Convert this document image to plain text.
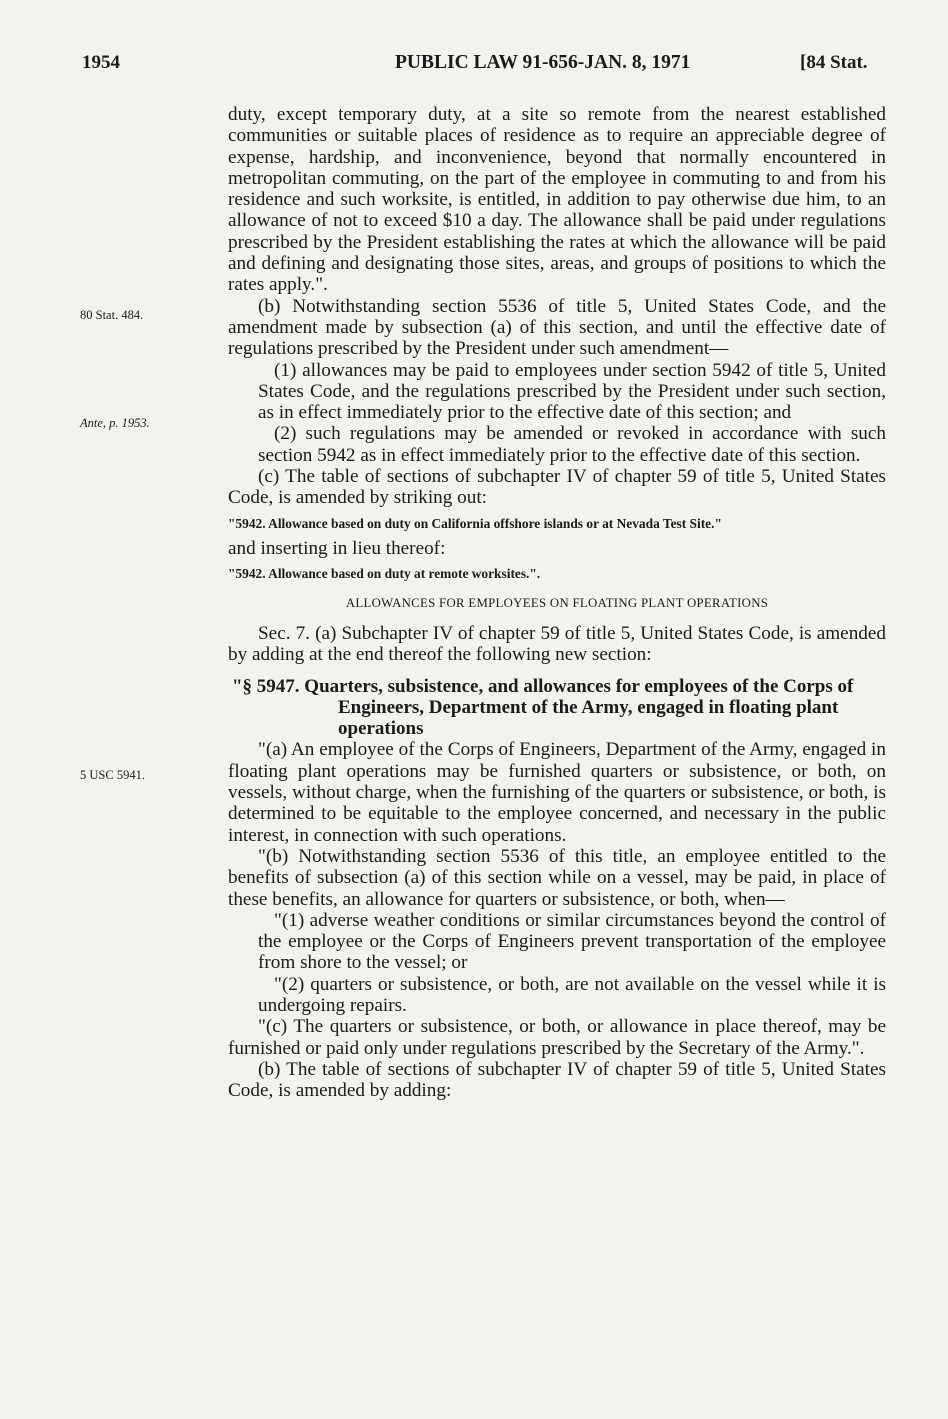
1954	PUBLIC LAW 91-656-JAN. 8, 1971	[84 Stat.
80 Stat. 484.
Ante, p. 1953.
5 USC 5941.

duty, except temporary duty, at a site so remote from the nearest established communities or suitable places of residence as to require an appreciable degree of expense, hardship, and inconvenience, beyond that normally encountered in metropolitan commuting, on the part of the employee in commuting to and from his residence and such worksite, is entitled, in addition to pay otherwise due him, to an allowance of not to exceed $10 a day. The allowance shall be paid under regulations prescribed by the President establishing the rates at which the allowance will be paid and defining and designating those sites, areas, and groups of positions to which the rates apply.".

(b) Notwithstanding section 5536 of title 5, United States Code, and the amendment made by subsection (a) of this section, and until the effective date of regulations prescribed by the President under such amendment—

(1) allowances may be paid to employees under section 5942 of title 5, United States Code, and the regulations prescribed by the President under such section, as in effect immediately prior to the effective date of this section; and

(2) such regulations may be amended or revoked in accordance with such section 5942 as in effect immediately prior to the effective date of this section.

(c) The table of sections of subchapter IV of chapter 59 of title 5, United States Code, is amended by striking out:

"5942. Allowance based on duty on California offshore islands or at Nevada Test Site."

and inserting in lieu thereof:

"5942. Allowance based on duty at remote worksites.".

ALLOWANCES FOR EMPLOYEES ON FLOATING PLANT OPERATIONS

Sec. 7. (a) Subchapter IV of chapter 59 of title 5, United States Code, is amended by adding at the end thereof the following new section:

"§ 5947. Quarters, subsistence, and allowances for employees of the Corps of Engineers, Department of the Army, engaged in floating plant operations

"(a) An employee of the Corps of Engineers, Department of the Army, engaged in floating plant operations may be furnished quarters or subsistence, or both, on vessels, without charge, when the furnishing of the quarters or subsistence, or both, is determined to be equitable to the employee concerned, and necessary in the public interest, in connection with such operations.

"(b) Notwithstanding section 5536 of this title, an employee entitled to the benefits of subsection (a) of this section while on a vessel, may be paid, in place of these benefits, an allowance for quarters or subsistence, or both, when—

"(1) adverse weather conditions or similar circumstances beyond the control of the employee or the Corps of Engineers prevent transportation of the employee from shore to the vessel; or

"(2) quarters or subsistence, or both, are not available on the vessel while it is undergoing repairs.

"(c) The quarters or subsistence, or both, or allowance in place thereof, may be furnished or paid only under regulations prescribed by the Secretary of the Army.".

(b) The table of sections of subchapter IV of chapter 59 of title 5, United States Code, is amended by adding:
